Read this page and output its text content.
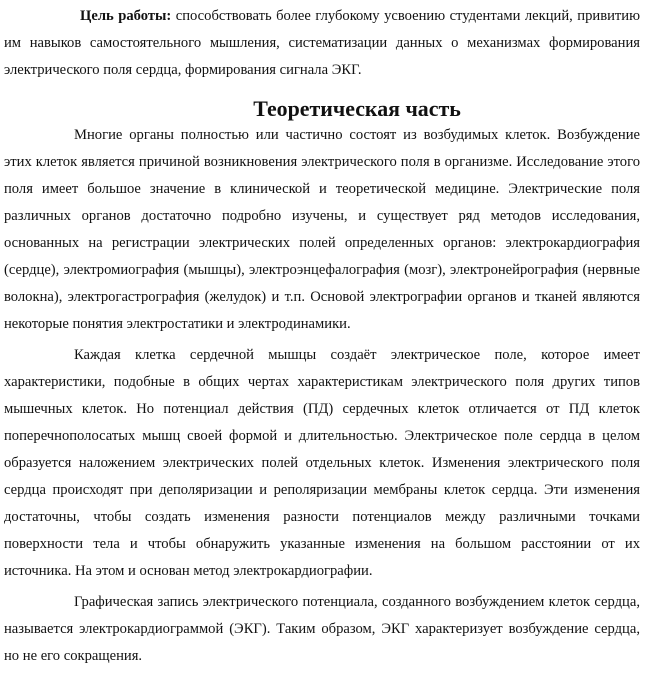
Цель работы: способствовать более глубокому усвоению студентами лекций, привитию им навыков самостоятельного мышления, систематизации данных о механизмах формирования электрического поля сердца, формирования сигнала ЭКГ.

Теоретическая часть

Многие органы полностью или частично состоят из возбудимых клеток. Возбуждение этих клеток является причиной возникновения электрического поля в организме. Исследование этого поля имеет большое значение в клинической и теоретической медицине. Электрические поля различных органов достаточно подробно изучены, и существует ряд методов исследования, основанных на регистрации электрических полей определенных органов: электрокардиография (сердце), электромиография (мышцы), электроэнцефалография (мозг), электронейрография (нервные волокна), электрогастрография (желудок) и т.п. Основой электрографии органов и тканей являются некоторые понятия электростатики и электродинамики.

Каждая клетка сердечной мышцы создаёт электрическое поле, которое имеет характеристики, подобные в общих чертах характеристикам электрического поля других типов мышечных клеток. Но потенциал действия (ПД) сердечных клеток отличается от ПД клеток поперечнополосатых мышц своей формой и длительностью. Электрическое поле сердца в целом образуется наложением электрических полей отдельных клеток. Изменения электрического поля сердца происходят при деполяризации и реполяризации мембраны клеток сердца. Эти изменения достаточны, чтобы создать изменения разности потенциалов между различными точками поверхности тела и чтобы обнаружить указанные изменения на большом расстоянии от их источника. На этом и основан метод электрокардиографии.

Графическая запись электрического потенциала, созданного возбуждением клеток сердца, называется электрокардиограммой (ЭКГ). Таким образом, ЭКГ характеризует возбуждение сердца, но не его сокращения.
